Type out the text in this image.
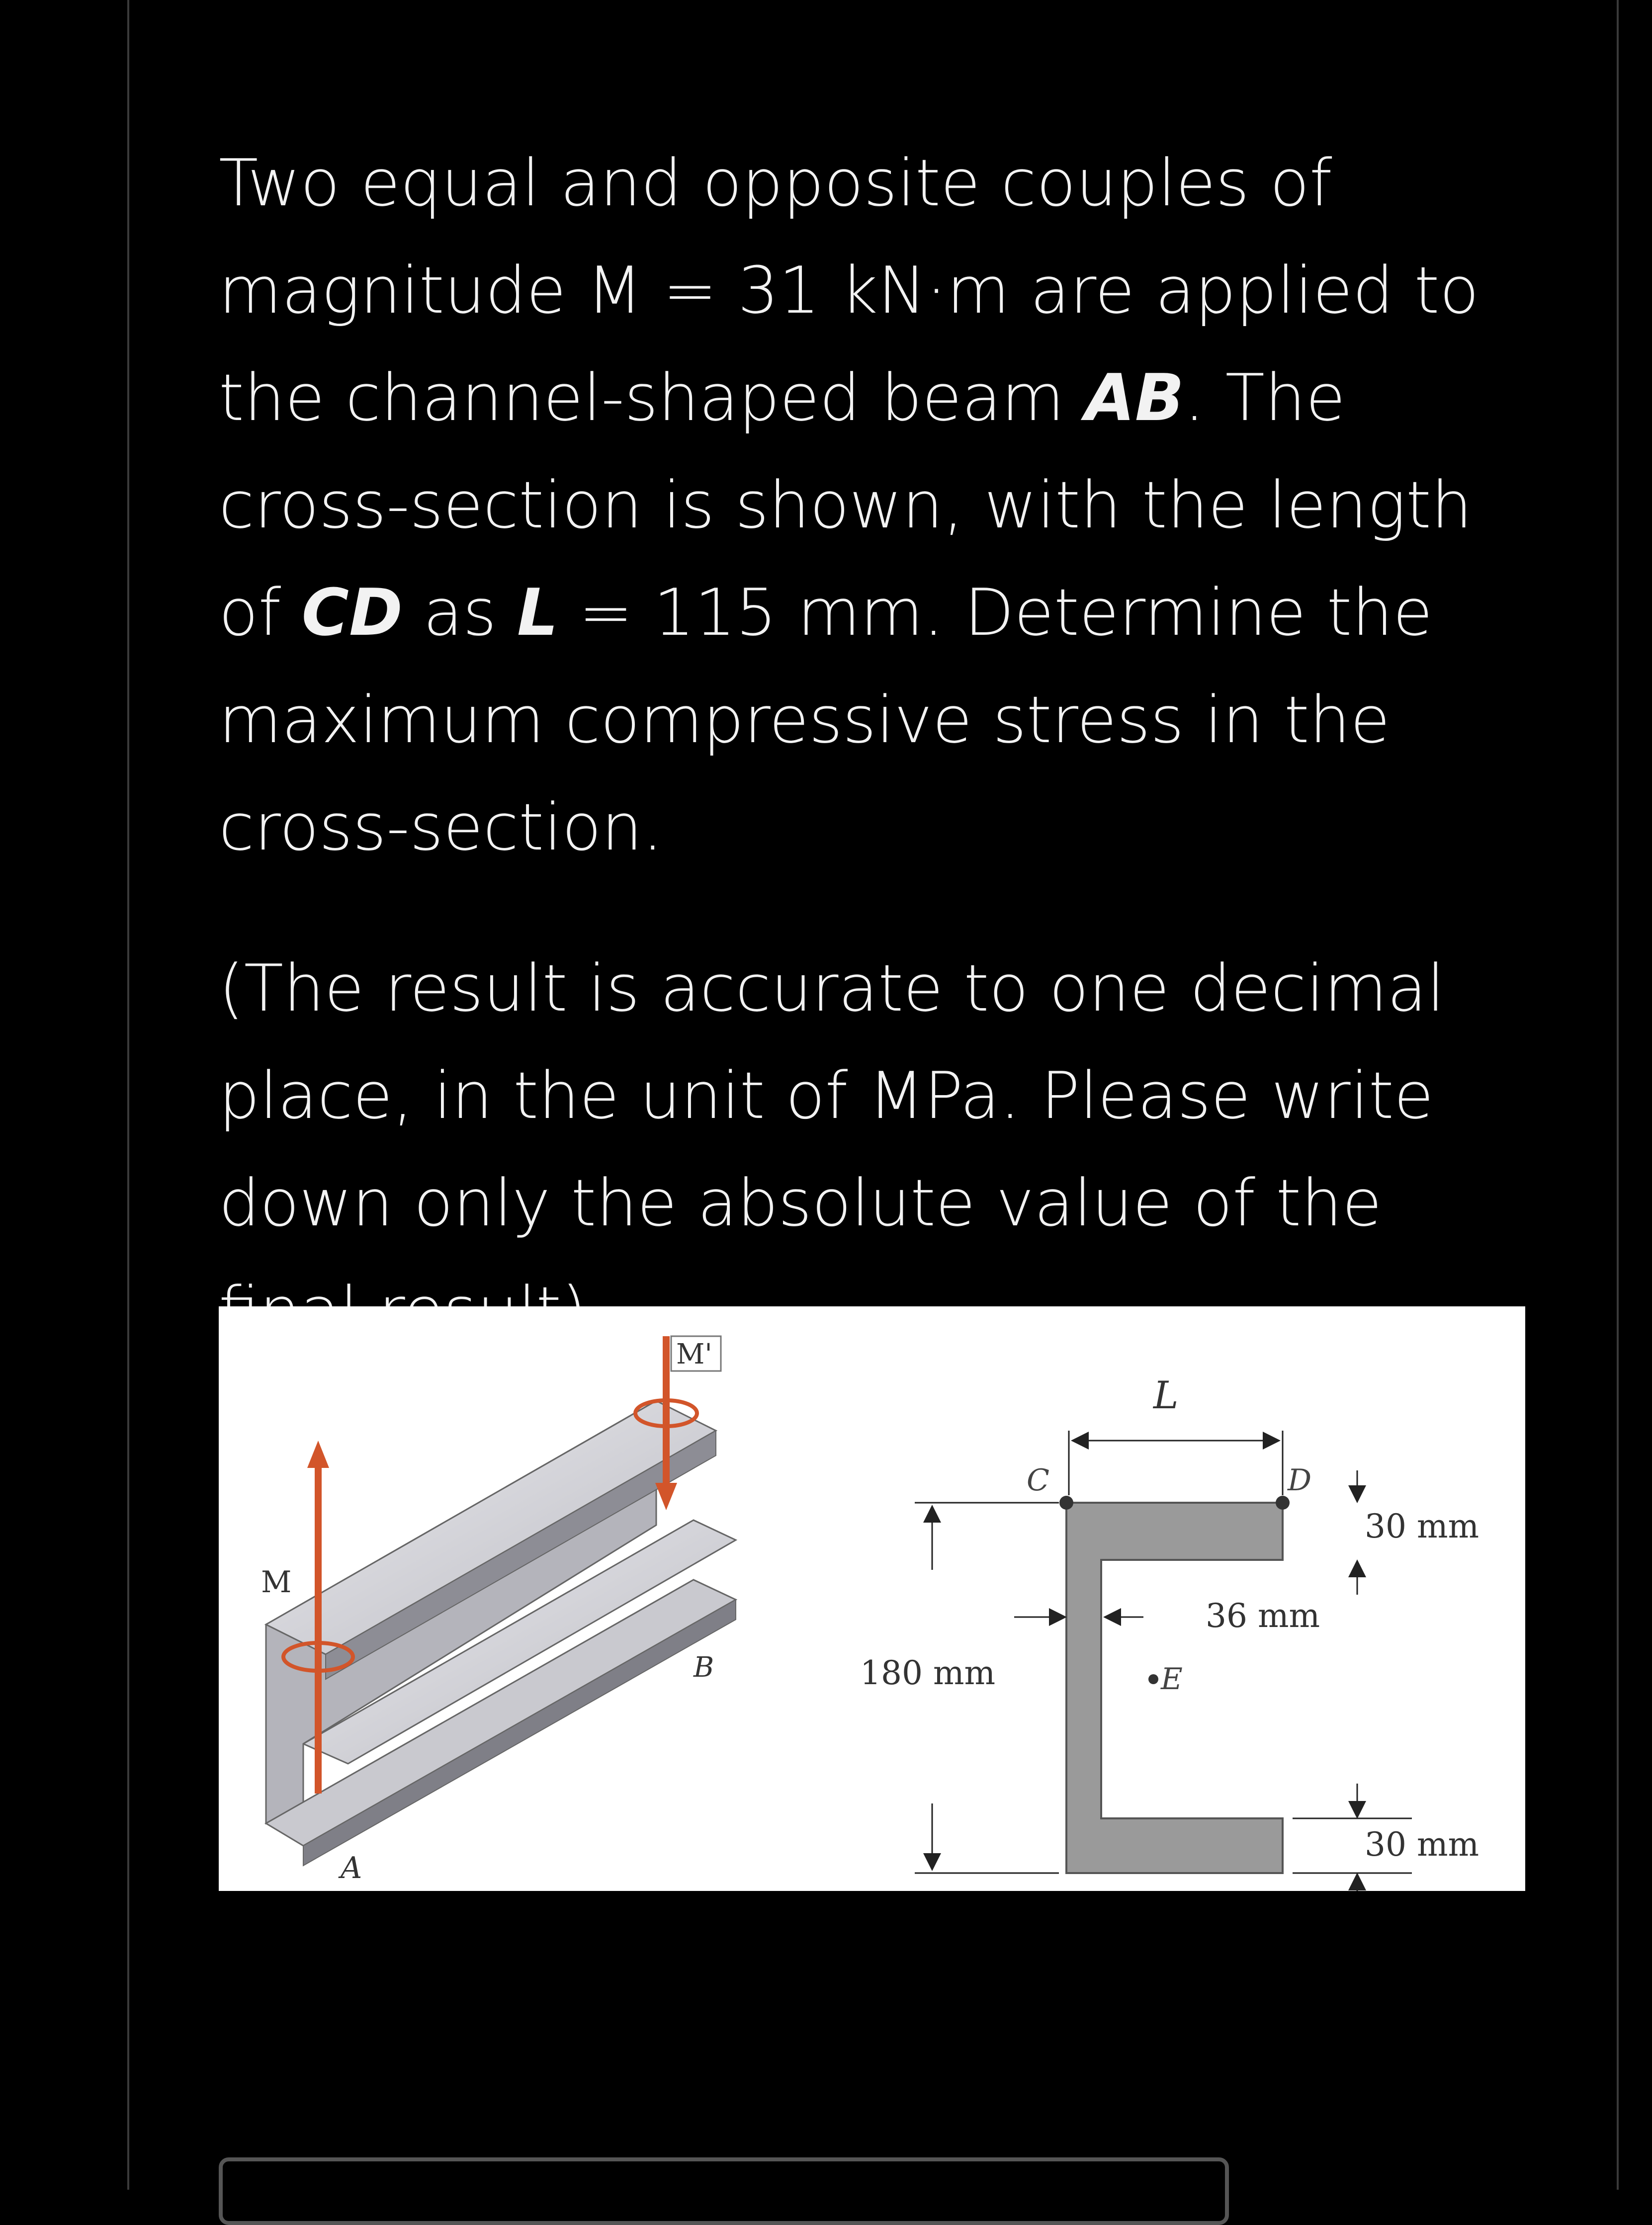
Two equal and opposite couples of magnitude M = 31 kN·m are applied to the channel-shaped beam AB. The cross-section is shown, with the length of CD as L = 115 mm. Determine the maximum compressive stress in the cross-section.

(The result is accurate to one decimal place, in the unit of MPa. Please write down only the absolute value of the

M
M'
A
B
C	D
E
L
180 mm
36 mm
30 mm
30 mm
